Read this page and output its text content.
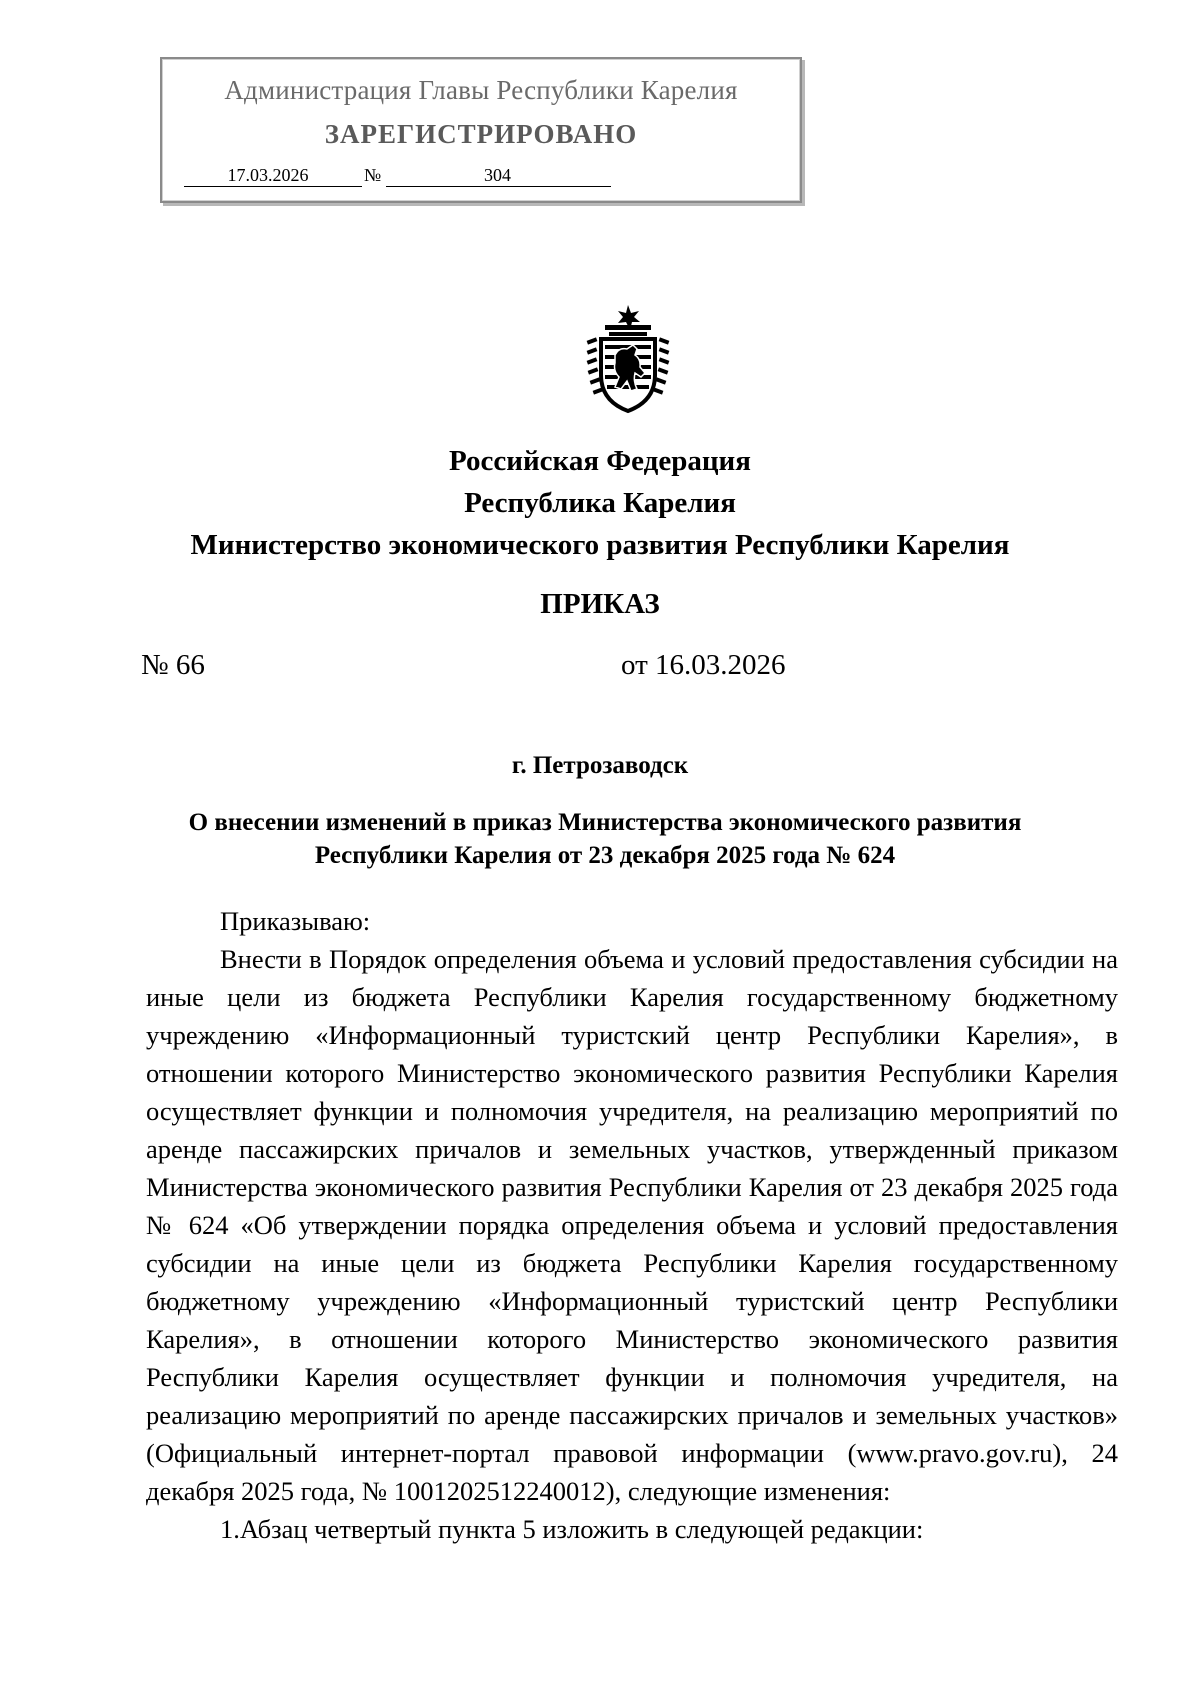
Администрация Главы Республики Карелия
ЗАРЕГИСТРИРОВАНО
17.03.2026	№	304
Российская Федерация
Республика Карелия
Министерство экономического развития Республики Карелия
ПРИКАЗ
№ 66	от 16.03.2026
г. Петрозаводск
О внесении изменений в приказ Министерства экономического развития
Республики Карелия от 23 декабря 2025 года № 624

Приказываю:

Внести в Порядок определения объема и условий предоставления субсидии на иные цели из бюджета Республики Карелия государственному бюджетному учреждению «Информационный туристский центр Республики Карелия», в отношении которого Министерство экономического развития Республики Карелия осуществляет функции и полномочия учредителя, на реализацию мероприятий по аренде пассажирских причалов и земельных участков, утвержденный приказом Министерства экономического развития Республики Карелия от 23 декабря 2025 года № 624 «Об утверждении порядка определения объема и условий предоставления субсидии на иные цели из бюджета Республики Карелия государственному бюджетному учреждению «Информационный туристский центр Республики Карелия», в отношении которого Министерство экономического развития Республики Карелия осуществляет функции и полномочия учредителя, на реализацию мероприятий по аренде пассажирских причалов и земельных участков» (Официальный интернет-портал правовой информации (www.pravo.gov.ru), 24 декабря 2025 года, № 1001202512240012), следующие изменения:

1.Абзац четвертый пункта 5 изложить в следующей редакции:
